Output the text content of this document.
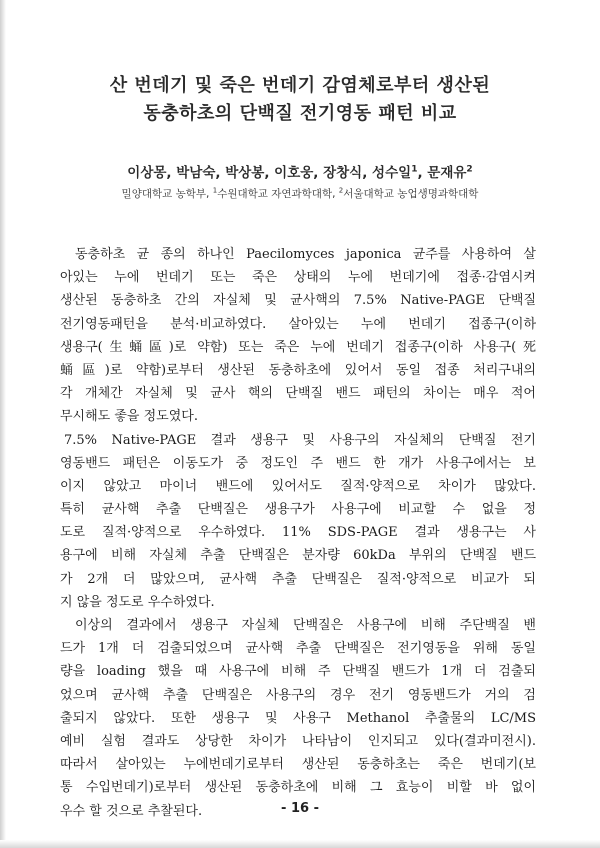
산 번데기 및 죽은 번데기 감염체로부터 생산된
동충하초의 단백질 전기영동 패턴 비교
이상몽, 박남숙, 박상봉, 이호웅, 장창식, 성수일$^1$, 문재유$^2$
밀양대학교 농학부, $^1$수원대학교 자연과학대학, $^2$서울대학교 농업생명과학대학
동충하초 균 종의 하나인 Paecilomyces japonica 균주를 사용하여 살
아있는 누에 번데기 또는 죽은 상태의 누에 번데기에 접종·감염시켜
생산된 동충하초 간의 자실체 및 균사핵의 7.5% Native-PAGE 단백질
전기영동패턴을 분석·비교하였다. 살아있는 누에 번데기 접종구(이하
생용구(生蛹區)로 약함) 또는 죽은 누에 번데기 접종구(이하 사용구(死
蛹區)로 약함)로부터 생산된 동충하초에 있어서 동일 접종 처리구내의
각 개체간 자실체 및 균사 핵의 단백질 밴드 패턴의 차이는 매우 적어
무시해도 좋을 정도였다.
7.5% Native-PAGE 결과 생용구 및 사용구의 자실체의 단백질 전기
영동밴드 패턴은 이동도가 중 정도인 주 밴드 한 개가 사용구에서는 보
이지 않았고 마이너 밴드에 있어서도 질적·양적으로 차이가 많았다.
특히 균사핵 추출 단백질은 생용구가 사용구에 비교할 수 없을 정
도로 질적·양적으로 우수하였다. 11% SDS-PAGE 결과 생용구는 사
용구에 비해 자실체 추출 단백질은 분자량 60kDa 부위의 단백질 밴드
가 2개 더 많았으며, 균사핵 추출 단백질은 질적·양적으로 비교가 되
지 않을 정도로 우수하였다.
이상의 결과에서 생용구 자실체 단백질은 사용구에 비해 주단백질 밴
드가 1개 더 검출되었으며 균사핵 추출 단백질은 전기영동을 위해 동일
량을 loading 했을 때 사용구에 비해 주 단백질 밴드가 1개 더 검출되
었으며 균사핵 추출 단백질은 사용구의 경우 전기 영동밴드가 거의 검
출되지 않았다. 또한 생용구 및 사용구 Methanol 추출물의 LC/MS
예비 실험 결과도 상당한 차이가 나타남이 인지되고 있다(결과미전시).
따라서 살아있는 누에번데기로부터 생산된 동충하초는 죽은 번데기(보
통 수입번데기)로부터 생산된 동충하초에 비해 그 효능이 비할 바 없이
우수 할 것으로 추찰된다.	- 16 -
